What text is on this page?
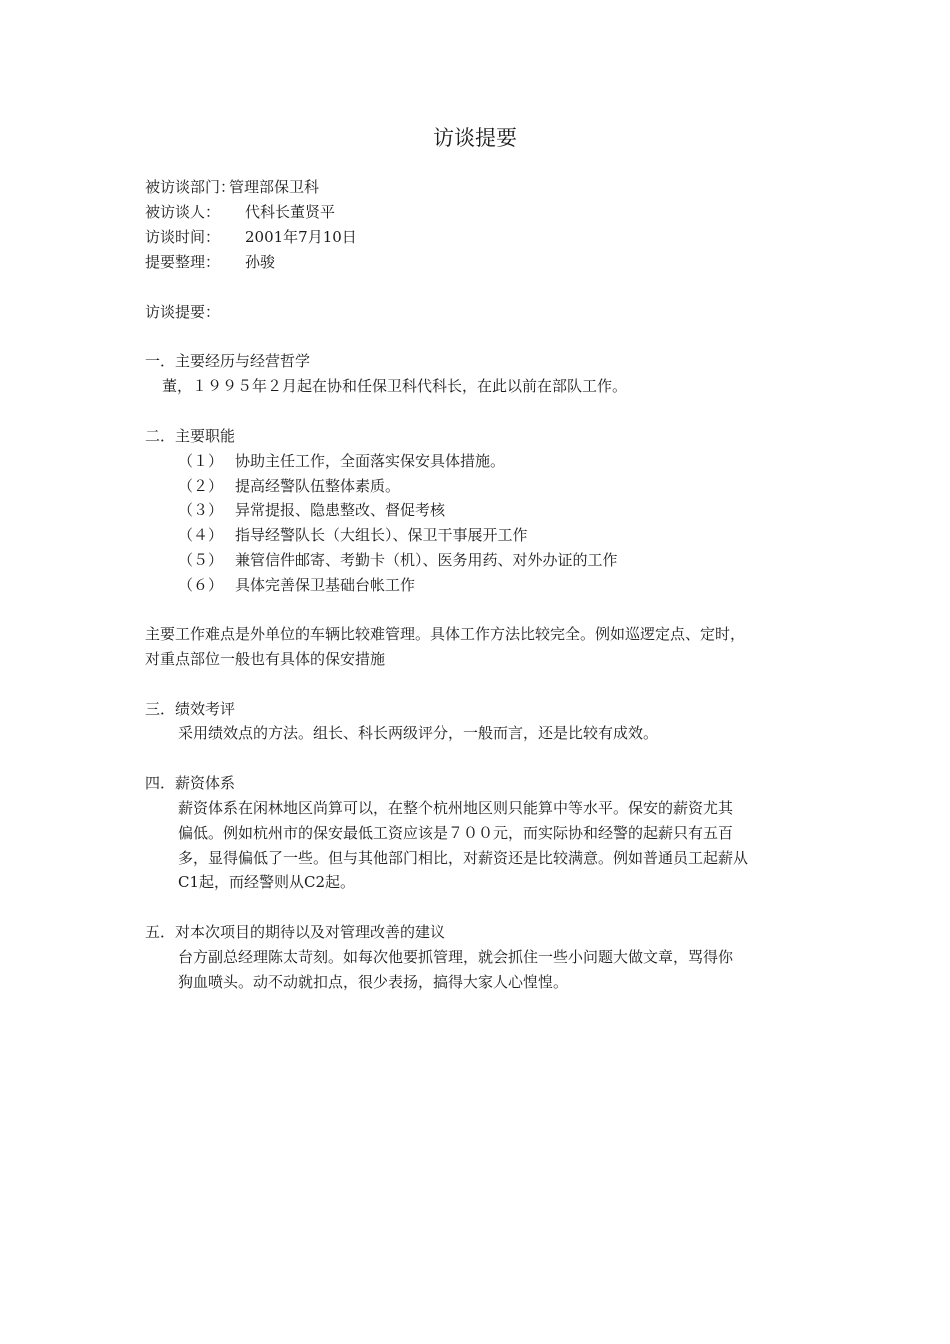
访谈提要
被访谈部门：管理部保卫科
被访谈人： 代科长董贤平
访谈时间： 2001年7月10日
提要整理： 孙骏
访谈提要：
一．主要经历与经营哲学
董，１９９５年２月起在协和任保卫科代科长，在此以前在部队工作。
二．主要职能
（１） 协助主任工作，全面落实保安具体措施。
（２） 提高经警队伍整体素质。
（３） 异常提报、隐患整改、督促考核
（４） 指导经警队长（大组长）、保卫干事展开工作
（５） 兼管信件邮寄、考勤卡（机）、医务用药、对外办证的工作
（６） 具体完善保卫基础台帐工作
主要工作难点是外单位的车辆比较难管理。具体工作方法比较完全。例如巡逻定点、定时，
对重点部位一般也有具体的保安措施
三．绩效考评
采用绩效点的方法。组长、科长两级评分，一般而言，还是比较有成效。
四．薪资体系
薪资体系在闲林地区尚算可以，在整个杭州地区则只能算中等水平。保安的薪资尤其
偏低。例如杭州市的保安最低工资应该是７００元，而实际协和经警的起薪只有五百
多，显得偏低了一些。但与其他部门相比，对薪资还是比较满意。例如普通员工起薪从
C1起，而经警则从C2起。
五．对本次项目的期待以及对管理改善的建议
台方副总经理陈太苛刻。如每次他要抓管理，就会抓住一些小问题大做文章，骂得你
狗血喷头。动不动就扣点，很少表扬，搞得大家人心惶惶。
